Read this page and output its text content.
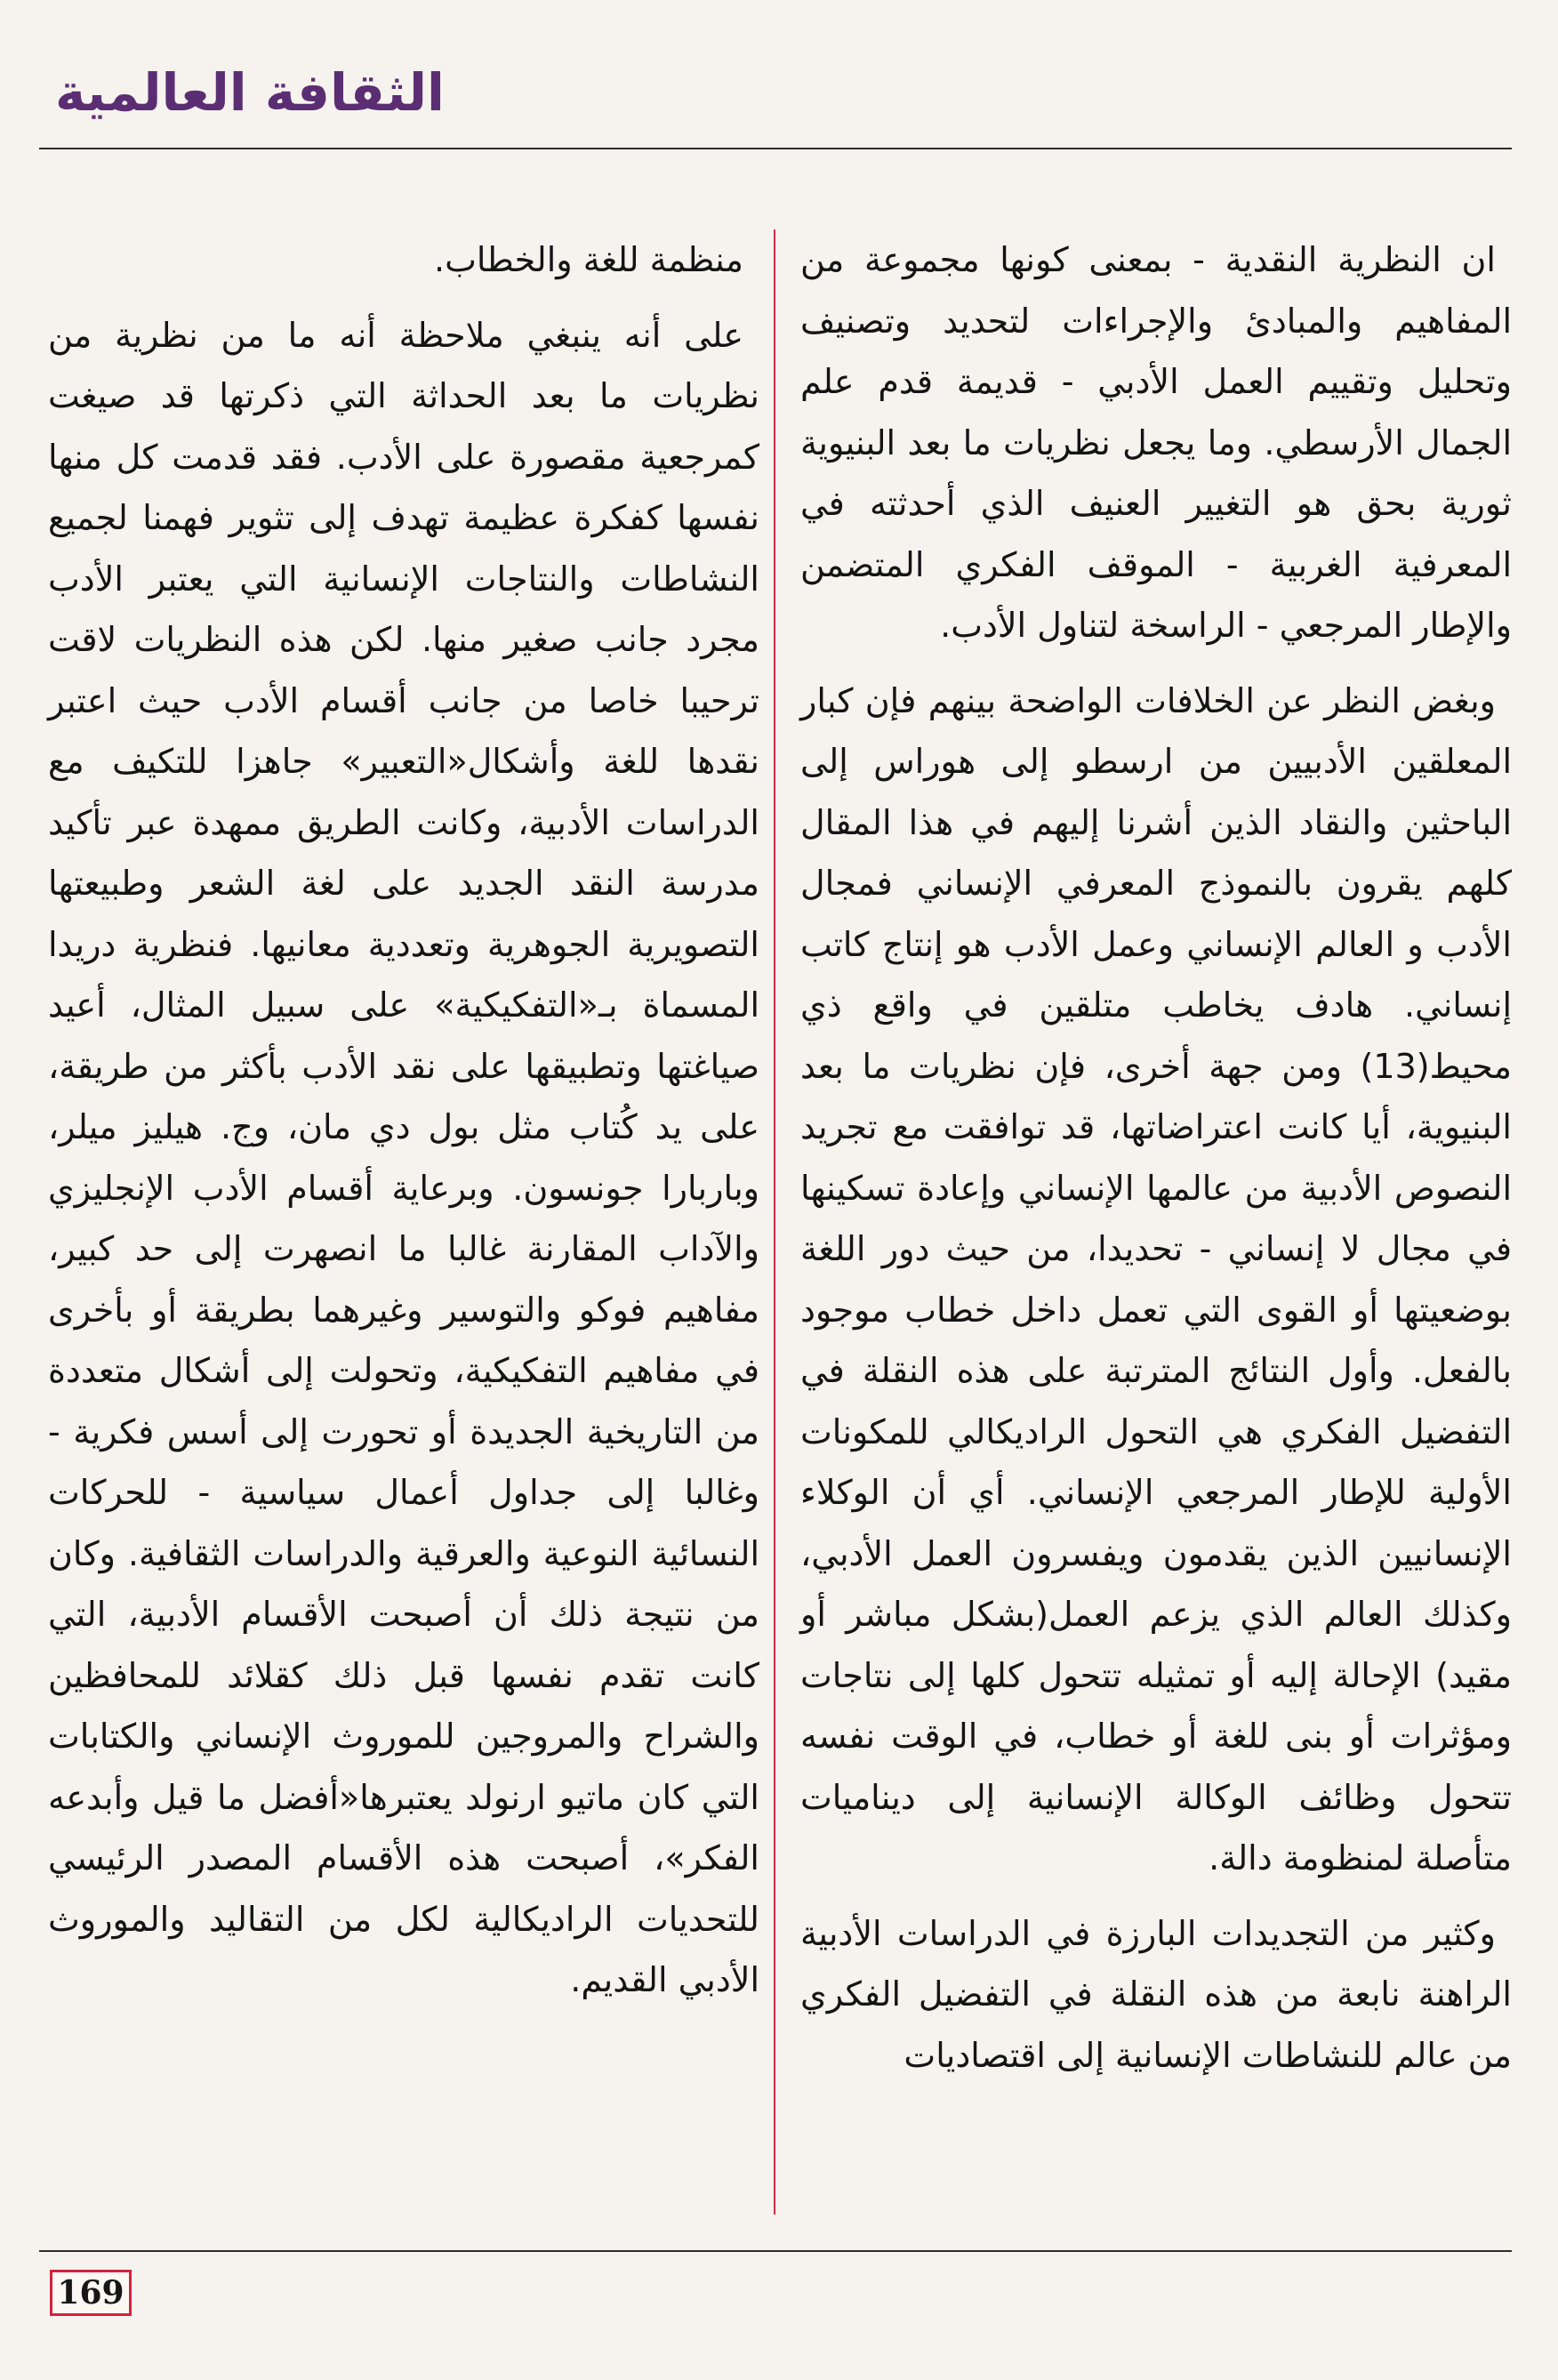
الثقافة العالمية

ان النظرية النقدية - بمعنى كونها مجموعة من المفاهيم والمبادئ والإجراءات لتحديد وتصنيف وتحليل وتقييم العمل الأدبي - قديمة قدم علم الجمال الأرسطي. وما يجعل نظريات ما بعد البنيوية ثورية بحق هو التغيير العنيف الذي أحدثته في المعرفية الغربية - الموقف الفكري المتضمن والإطار المرجعي - الراسخة لتناول الأدب.

وبغض النظر عن الخلافات الواضحة بينهم فإن كبار المعلقين الأدبيين من ارسطو إلى هوراس إلى الباحثين والنقاد الذين أشرنا إليهم في هذا المقال كلهم يقرون بالنموذج المعرفي الإنساني فمجال الأدب و العالم الإنساني وعمل الأدب هو إنتاج كاتب إنساني. هادف يخاطب متلقين في واقع ذي محيط(13) ومن جهة أخرى، فإن نظريات ما بعد البنيوية، أيا كانت اعتراضاتها، قد توافقت مع تجريد النصوص الأدبية من عالمها الإنساني وإعادة تسكينها في مجال لا إنساني - تحديدا، من حيث دور اللغة بوضعيتها أو القوى التي تعمل داخل خطاب موجود بالفعل. وأول النتائج المترتبة على هذه النقلة في التفضيل الفكري هي التحول الراديكالي للمكونات الأولية للإطار المرجعي الإنساني. أي أن الوكلاء الإنسانيين الذين يقدمون ويفسرون العمل الأدبي، وكذلك العالم الذي يزعم العمل(بشكل مباشر أو مقيد) الإحالة إليه أو تمثيله تتحول كلها إلى نتاجات ومؤثرات أو بنى للغة أو خطاب، في الوقت نفسه تتحول وظائف الوكالة الإنسانية إلى ديناميات متأصلة لمنظومة دالة.

وكثير من التجديدات البارزة في الدراسات الأدبية الراهنة نابعة من هذه النقلة في التفضيل الفكري من عالم للنشاطات الإنسانية إلى اقتصاديات

منظمة للغة والخطاب.

على أنه ينبغي ملاحظة أنه ما من نظرية من نظريات ما بعد الحداثة التي ذكرتها قد صيغت كمرجعية مقصورة على الأدب. فقد قدمت كل منها نفسها كفكرة عظيمة تهدف إلى تثوير فهمنا لجميع النشاطات والنتاجات الإنسانية التي يعتبر الأدب مجرد جانب صغير منها. لكن هذه النظريات لاقت ترحيبا خاصا من جانب أقسام الأدب حيث اعتبر نقدها للغة وأشكال«التعبير» جاهزا للتكيف مع الدراسات الأدبية، وكانت الطريق ممهدة عبر تأكيد مدرسة النقد الجديد على لغة الشعر وطبيعتها التصويرية الجوهرية وتعددية معانيها. فنظرية دريدا المسماة بـ«التفكيكية» على سبيل المثال، أعيد صياغتها وتطبيقها على نقد الأدب بأكثر من طريقة، على يد كُتاب مثل بول دي مان، وج. هيليز ميلر، وباربارا جونسون. وبرعاية أقسام الأدب الإنجليزي والآداب المقارنة غالبا ما انصهرت إلى حد كبير، مفاهيم فوكو والتوسير وغيرهما بطريقة أو بأخرى في مفاهيم التفكيكية، وتحولت إلى أشكال متعددة من التاريخية الجديدة أو تحورت إلى أسس فكرية - وغالبا إلى جداول أعمال سياسية - للحركات النسائية النوعية والعرقية والدراسات الثقافية. وكان من نتيجة ذلك أن أصبحت الأقسام الأدبية، التي كانت تقدم نفسها قبل ذلك كقلائد للمحافظين والشراح والمروجين للموروث الإنساني والكتابات التي كان ماتيو ارنولد يعتبرها«أفضل ما قيل وأبدعه الفكر»، أصبحت هذه الأقسام المصدر الرئيسي للتحديات الراديكالية لكل من التقاليد والموروث الأدبي القديم.

169
